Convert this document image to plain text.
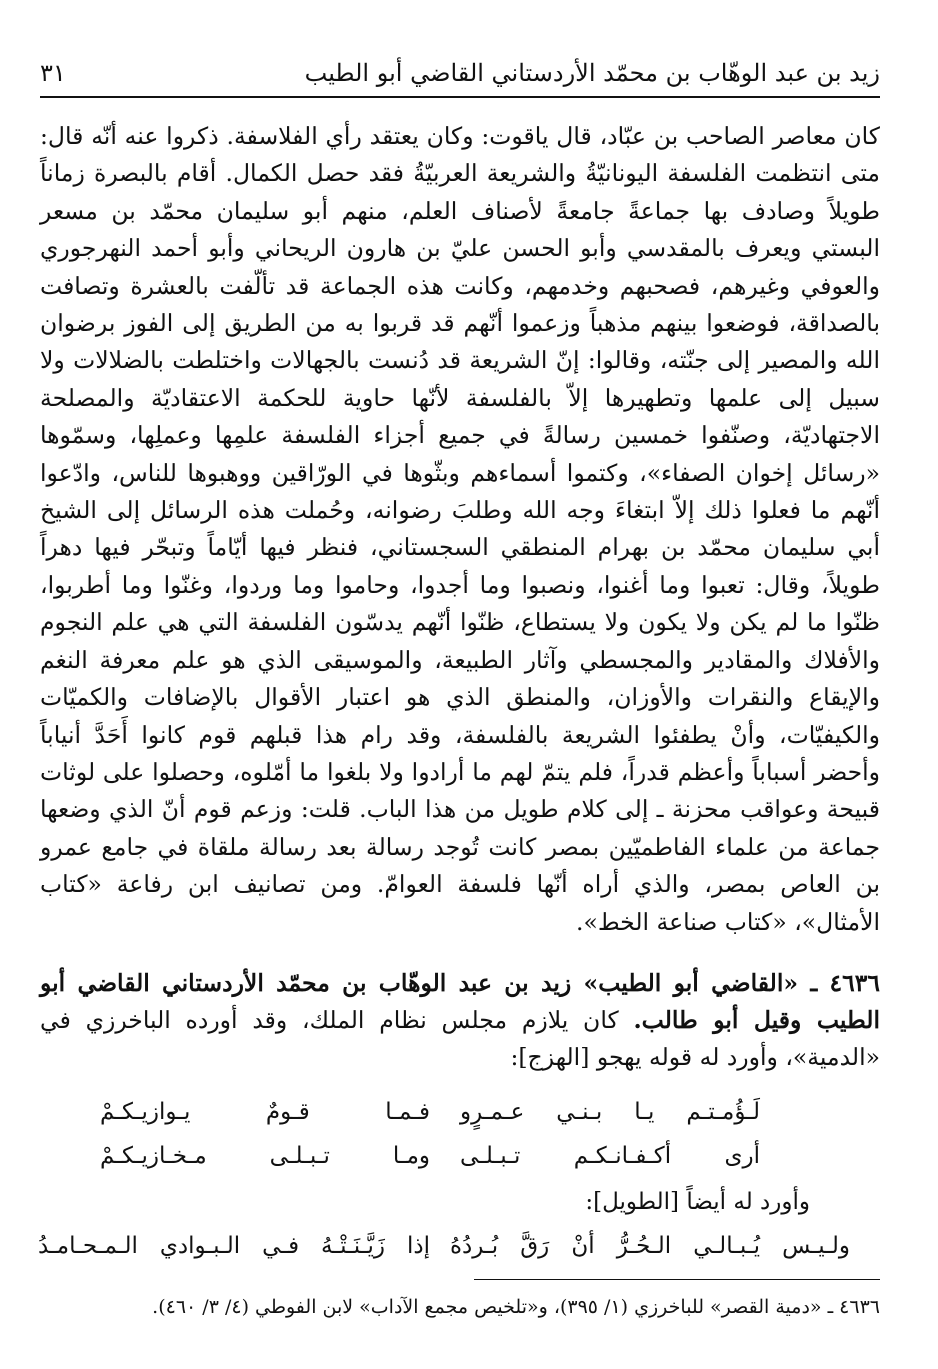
زيد بن عبد الوهّاب بن محمّد الأردستاني القاضي أبو الطيب
٣١
كان معاصر الصاحب بن عبّاد، قال ياقوت: وكان يعتقد رأي الفلاسفة. ذكروا عنه أنّه قال: متى انتظمت الفلسفة اليونانيّةُ والشريعة العربيّةُ فقد حصل الكمال. أقام بالبصرة زماناً طويلاً وصادف بها جماعةً جامعةً لأصناف العلم، منهم أبو سليمان محمّد بن مسعر البستي ويعرف بالمقدسي وأبو الحسن عليّ بن هارون الريحاني وأبو أحمد النهرجوري والعوفي وغيرهم، فصحبهم وخدمهم، وكانت هذه الجماعة قد تألّفت بالعشرة وتصافت بالصداقة، فوضعوا بينهم مذهباً وزعموا أنّهم قد قربوا به من الطريق إلى الفوز برضوان الله والمصير إلى جنّته، وقالوا: إنّ الشريعة قد دُنست بالجهالات واختلطت بالضلالات ولا سبيل إلى علمها وتطهيرها إلاّ بالفلسفة لأنّها حاوية للحكمة الاعتقاديّة والمصلحة الاجتهاديّة، وصنّفوا خمسين رسالةً في جميع أجزاء الفلسفة علمِها وعملِها، وسمّوها «رسائل إخوان الصفاء»، وكتموا أسماءهم وبثّوها في الورّاقين ووهبوها للناس، وادّعوا أنّهم ما فعلوا ذلك إلاّ ابتغاءَ وجه الله وطلبَ رضوانه، وحُملت هذه الرسائل إلى الشيخ أبي سليمان محمّد بن بهرام المنطقي السجستاني، فنظر فيها أيّاماً وتبحّر فيها دهراً طويلاً، وقال: تعبوا وما أغنوا، ونصبوا وما أجدوا، وحاموا وما وردوا، وغنّوا وما أطربوا، ظنّوا ما لم يكن ولا يكون ولا يستطاع، ظنّوا أنّهم يدسّون الفلسفة التي هي علم النجوم والأفلاك والمقادير والمجسطي وآثار الطبيعة، والموسيقى الذي هو علم معرفة النغم والإيقاع والنقرات والأوزان، والمنطق الذي هو اعتبار الأقوال بالإضافات والكميّات والكيفيّات، وأنْ يطفئوا الشريعة بالفلسفة، وقد رام هذا قبلهم قوم كانوا أَحَدَّ أنياباً وأحضر أسباباً وأعظم قدراً، فلم يتمّ لهم ما أرادوا ولا بلغوا ما أمّلوه، وحصلوا على لوثات قبيحة وعواقب محزنة ـ إلى كلام طويل من هذا الباب. قلت: وزعم قوم أنّ الذي وضعها جماعة من علماء الفاطميّين بمصر كانت تُوجد رسالة بعد رسالة ملقاة في جامع عمرو بن العاص بمصر، والذي أراه أنّها فلسفة العوامّ. ومن تصانيف ابن رفاعة «كتاب الأمثال»، «كتاب صناعة الخط».
٤٦٣٦ ـ «القاضي أبو الطيب» زيد بن عبد الوهّاب بن محمّد الأردستاني القاضي أبو الطيب وقيل أبو طالب. كان يلازم مجلس نظام الملك، وقد أورده الباخرزي في «الدمية»، وأورد له قوله يهجو [الهزج]:
لَـؤُمـتـم يـا بـنـي عـمـرٍو
فـمـا قـومٌ يـوازيـكـمْ
أرى أكـفـانـكـم تـبـلـى
ومـا تـبـلـى مـخـازيـكـمْ
وأورد له أيضاً [الطويل]:
ولـيـس يُـبـالـي الـحُـرُّ أنْ رَقَّ بُـردُهُ
إذا زَيَّـنَـتْـهُ فـي الـبـوادي الـمـحـامـدُ
٤٦٣٦ ـ «دمية القصر» للباخرزي (١/ ٣٩٥)، و«تلخيص مجمع الآداب» لابن الفوطي (٤/ ٣/ ٤٦٠).
